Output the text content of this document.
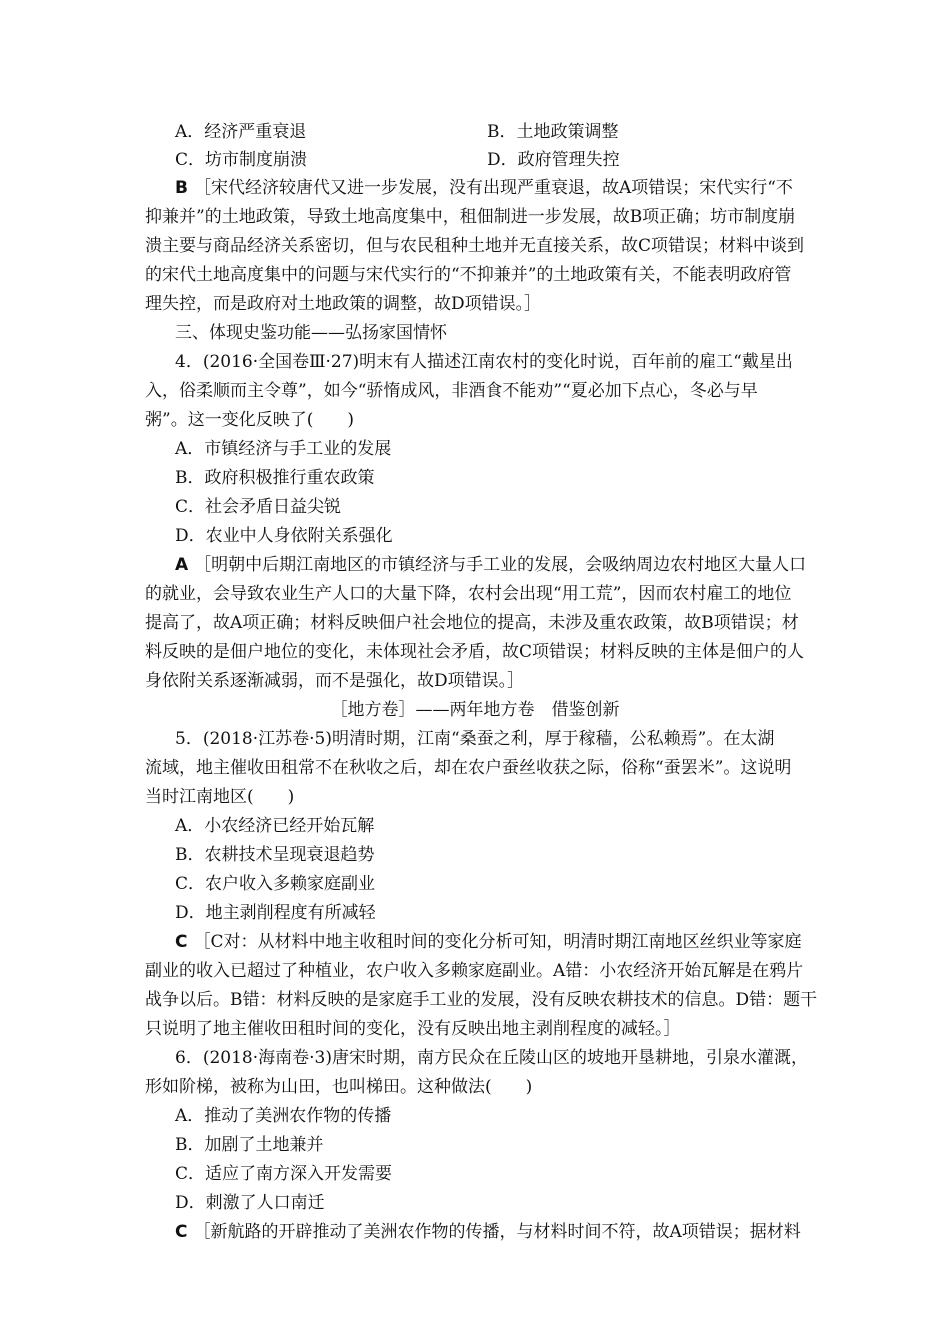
A．经济严重衰退	B．土地政策调整
C．坊市制度崩溃	D．政府管理失控
B ［宋代经济较唐代又进一步发展，没有出现严重衰退，故A项错误；宋代实行“不
抑兼并”的土地政策，导致土地高度集中，租佃制进一步发展，故B项正确；坊市制度崩
溃主要与商品经济关系密切，但与农民租种土地并无直接关系，故C项错误；材料中谈到
的宋代土地高度集中的问题与宋代实行的“不抑兼并”的土地政策有关，不能表明政府管
理失控，而是政府对土地政策的调整，故D项错误。］
三、体现史鉴功能——弘扬家国情怀
4．(2016·全国卷Ⅲ·27)明末有人描述江南农村的变化时说，百年前的雇工“戴星出
入，俗柔顺而主令尊”，如今“骄惰成风，非酒食不能劝”“夏必加下点心，冬必与早
粥”。这一变化反映了(　　)
A．市镇经济与手工业的发展
B．政府积极推行重农政策
C．社会矛盾日益尖锐
D．农业中人身依附关系强化
A ［明朝中后期江南地区的市镇经济与手工业的发展，会吸纳周边农村地区大量人口
的就业，会导致农业生产人口的大量下降，农村会出现“用工荒”，因而农村雇工的地位
提高了，故A项正确；材料反映佃户社会地位的提高，未涉及重农政策，故B项错误；材
料反映的是佃户地位的变化，未体现社会矛盾，故C项错误；材料反映的主体是佃户的人
身依附关系逐渐减弱，而不是强化，故D项错误。］
［地方卷］——两年地方卷　借鉴创新
5．(2018·江苏卷·5)明清时期，江南“桑蚕之利，厚于稼穑，公私赖焉”。在太湖
流域，地主催收田租常不在秋收之后，却在农户蚕丝收获之际，俗称“蚕罢米”。这说明
当时江南地区(　　)
A．小农经济已经开始瓦解
B．农耕技术呈现衰退趋势
C．农户收入多赖家庭副业
D．地主剥削程度有所减轻
C ［C对：从材料中地主收租时间的变化分析可知，明清时期江南地区丝织业等家庭
副业的收入已超过了种植业，农户收入多赖家庭副业。A错：小农经济开始瓦解是在鸦片
战争以后。B错：材料反映的是家庭手工业的发展，没有反映农耕技术的信息。D错：题干
只说明了地主催收田租时间的变化，没有反映出地主剥削程度的减轻。］
6．(2018·海南卷·3)唐宋时期，南方民众在丘陵山区的坡地开垦耕地，引泉水灌溉，
形如阶梯，被称为山田，也叫梯田。这种做法(　　)
A．推动了美洲农作物的传播
B．加剧了土地兼并
C．适应了南方深入开发需要
D．刺激了人口南迁
C ［新航路的开辟推动了美洲农作物的传播，与材料时间不符，故A项错误；据材料
